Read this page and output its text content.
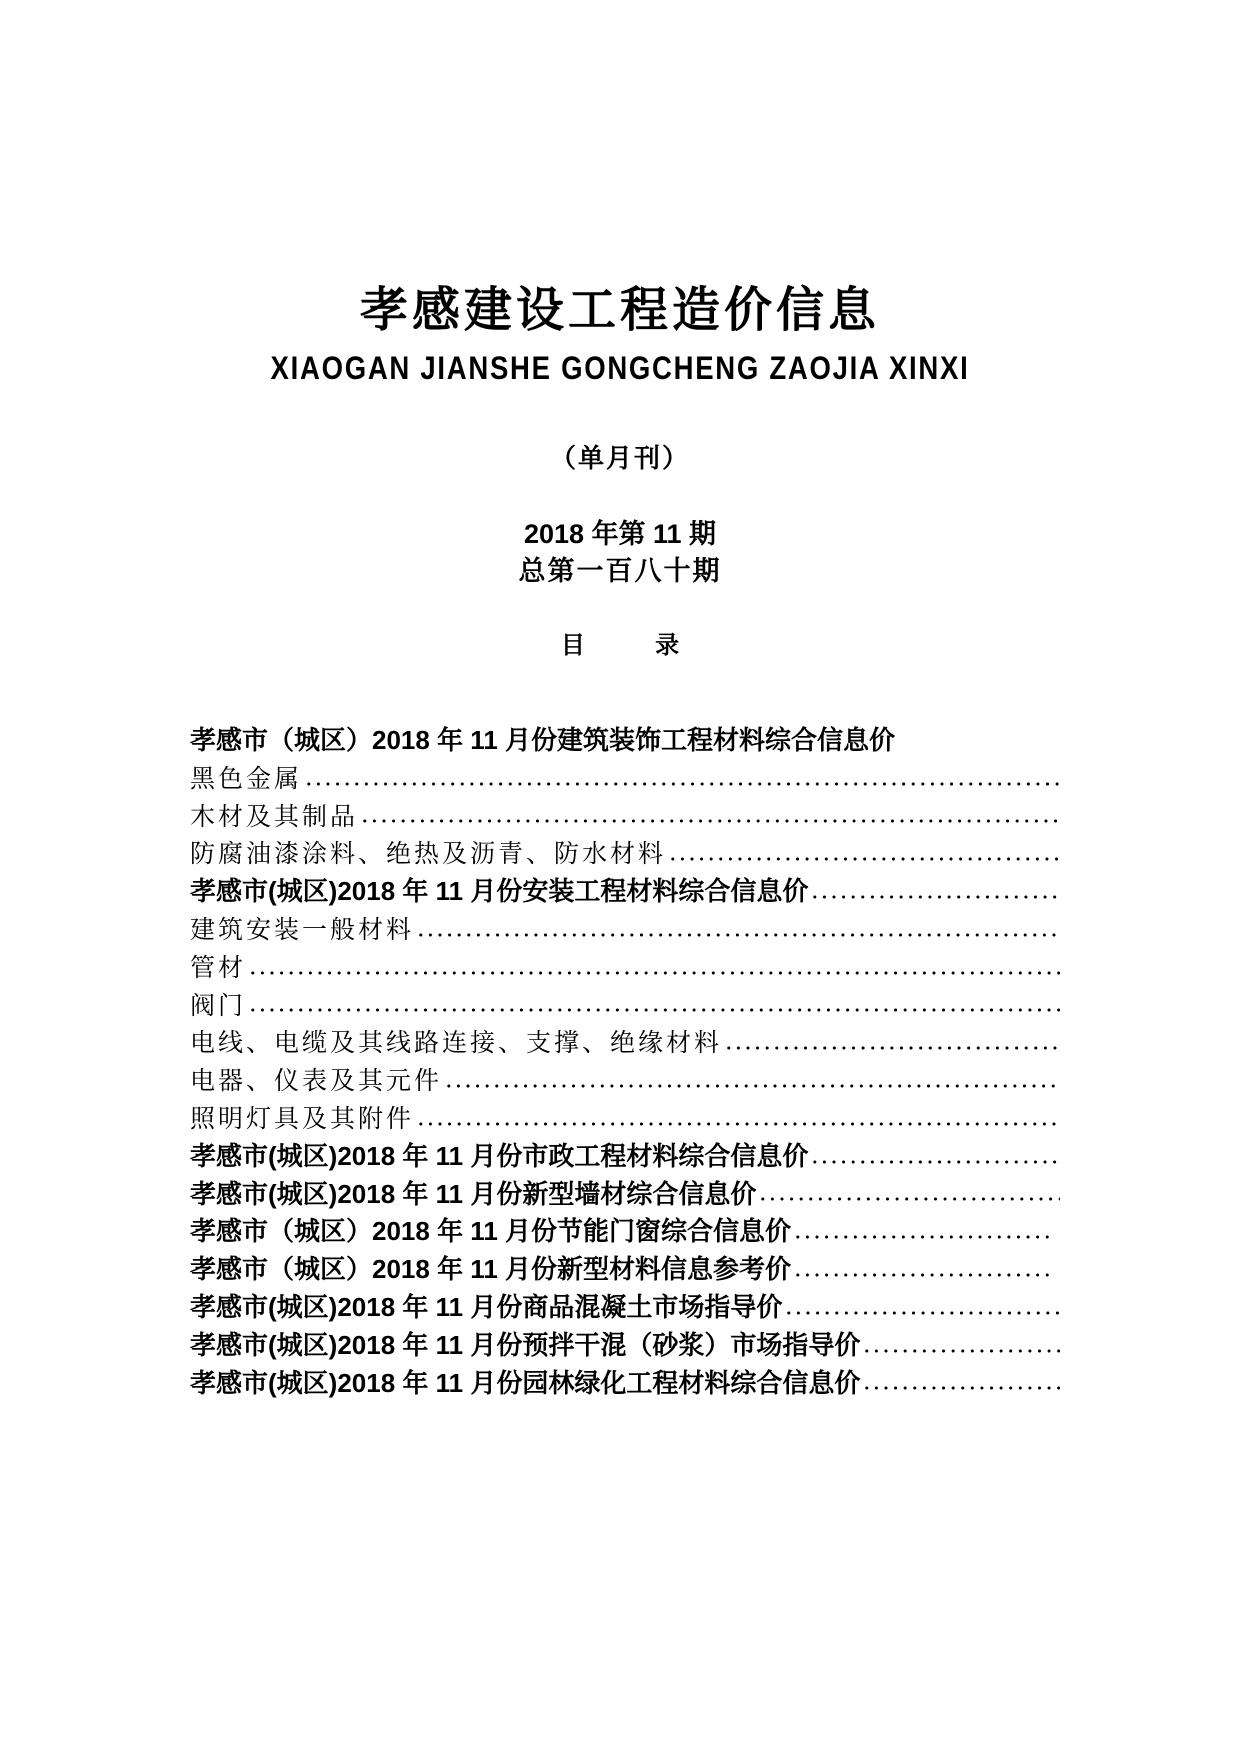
孝感建设工程造价信息
XIAOGAN JIANSHE GONGCHENG ZAOJIA XINXI
（单月刊）
2018 年第 11 期
总第一百八十期
目	录
孝感市（城区）2018 年 11 月份建筑装饰工程材料综合信息价
黑色金属
木材及其制品
防腐油漆涂料、绝热及沥青、防水材料
孝感市(城区)2018 年 11 月份安装工程材料综合信息价
建筑安装一般材料
管材
阀门
电线、电缆及其线路连接、支撑、绝缘材料
电器、仪表及其元件
照明灯具及其附件
孝感市(城区)2018 年 11 月份市政工程材料综合信息价
孝感市(城区)2018 年 11 月份新型墙材综合信息价
孝感市（城区）2018 年 11 月份节能门窗综合信息价
孝感市（城区）2018 年 11 月份新型材料信息参考价
孝感市(城区)2018 年 11 月份商品混凝土市场指导价
孝感市(城区)2018 年 11 月份预拌干混（砂浆）市场指导价
孝感市(城区)2018 年 11 月份园林绿化工程材料综合信息价
